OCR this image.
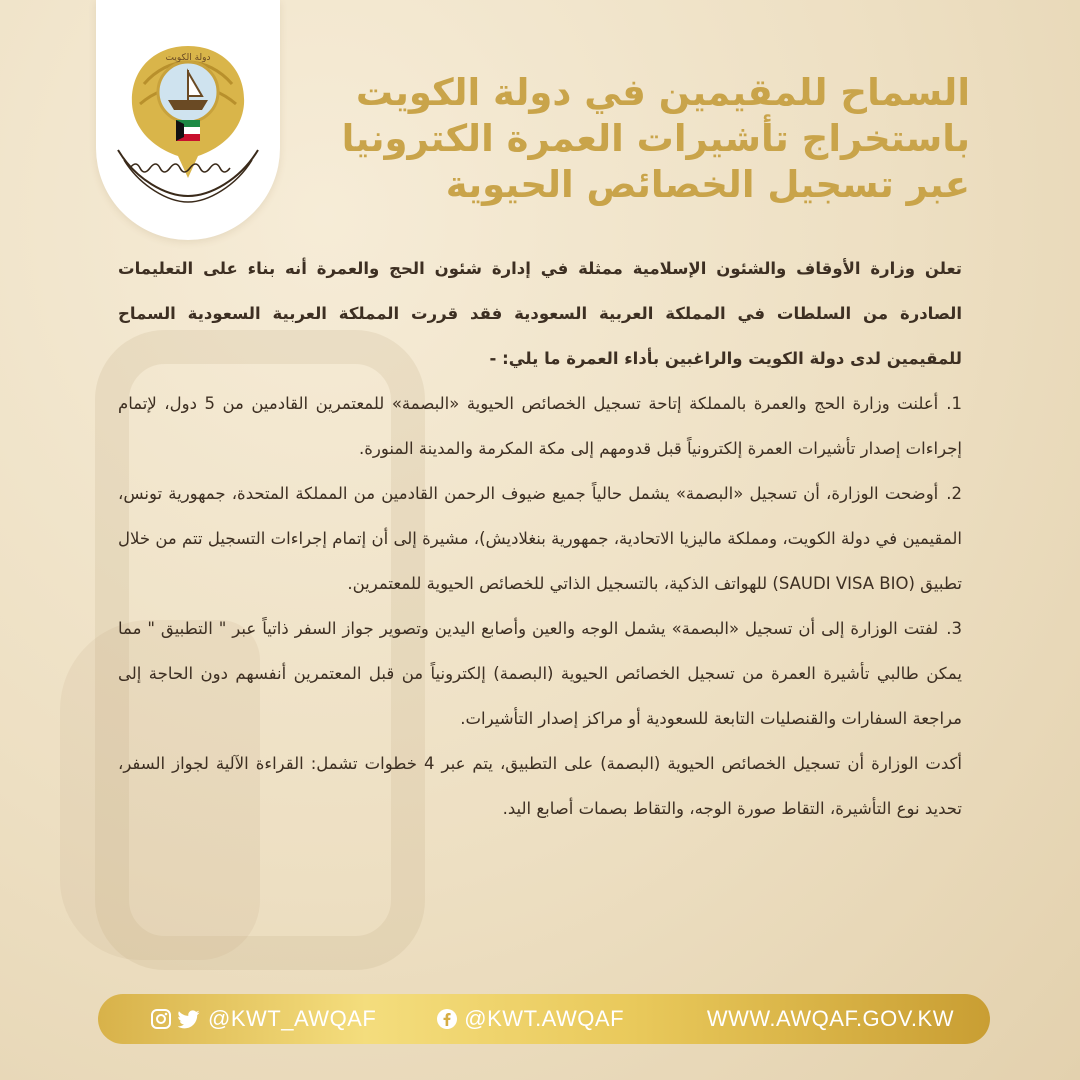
دولة الكويت
السماح للمقيمين في دولة الكويت
باستخراج تأشيرات العمرة الكترونيا
عبر تسجيل الخصائص الحيوية

تعلن وزارة الأوقاف والشئون الإسلامية ممثلة في إدارة شئون الحج والعمرة أنه بناء على التعليمات الصادرة من السلطات في المملكة العربية السعودية فقد قررت المملكة العربية السعودية السماح للمقيمين لدى دولة الكويت والراغبين بأداء العمرة ما يلي: -

1.أعلنت وزارة الحج والعمرة بالمملكة إتاحة تسجيل الخصائص الحيوية «البصمة» للمعتمرين القادمين من 5 دول، لإتمام إجراءات إصدار تأشيرات العمرة إلكترونياً قبل قدومهم إلى مكة المكرمة والمدينة المنورة.

2.أوضحت الوزارة، أن تسجيل «البصمة» يشمل حالياً جميع ضيوف الرحمن القادمين من المملكة المتحدة، جمهورية تونس، المقيمين في دولة الكويت، ومملكة ماليزيا الاتحادية، جمهورية بنغلاديش)، مشيرة إلى أن إتمام إجراءات التسجيل تتم من خلال تطبيق (SAUDI VISA BIO) للهواتف الذكية، بالتسجيل الذاتي للخصائص الحيوية للمعتمرين.

3.لفتت الوزارة إلى أن تسجيل «البصمة» يشمل الوجه والعين وأصابع اليدين وتصوير جواز السفر ذاتياً عبر " التطبيق " مما يمكن طالبي تأشيرة العمرة من تسجيل الخصائص الحيوية (البصمة) إلكترونياً من قبل المعتمرين أنفسهم دون الحاجة إلى مراجعة السفارات والقنصليات التابعة للسعودية أو مراكز إصدار التأشيرات.

أكدت الوزارة أن تسجيل الخصائص الحيوية (البصمة) على التطبيق، يتم عبر 4 خطوات تشمل: القراءة الآلية لجواز السفر، تحديد نوع التأشيرة، التقاط صورة الوجه، والتقاط بصمات أصابع اليد.

@KWT_AWQAF	@KWT.AWQAF	WWW.AWQAF.GOV.KW
